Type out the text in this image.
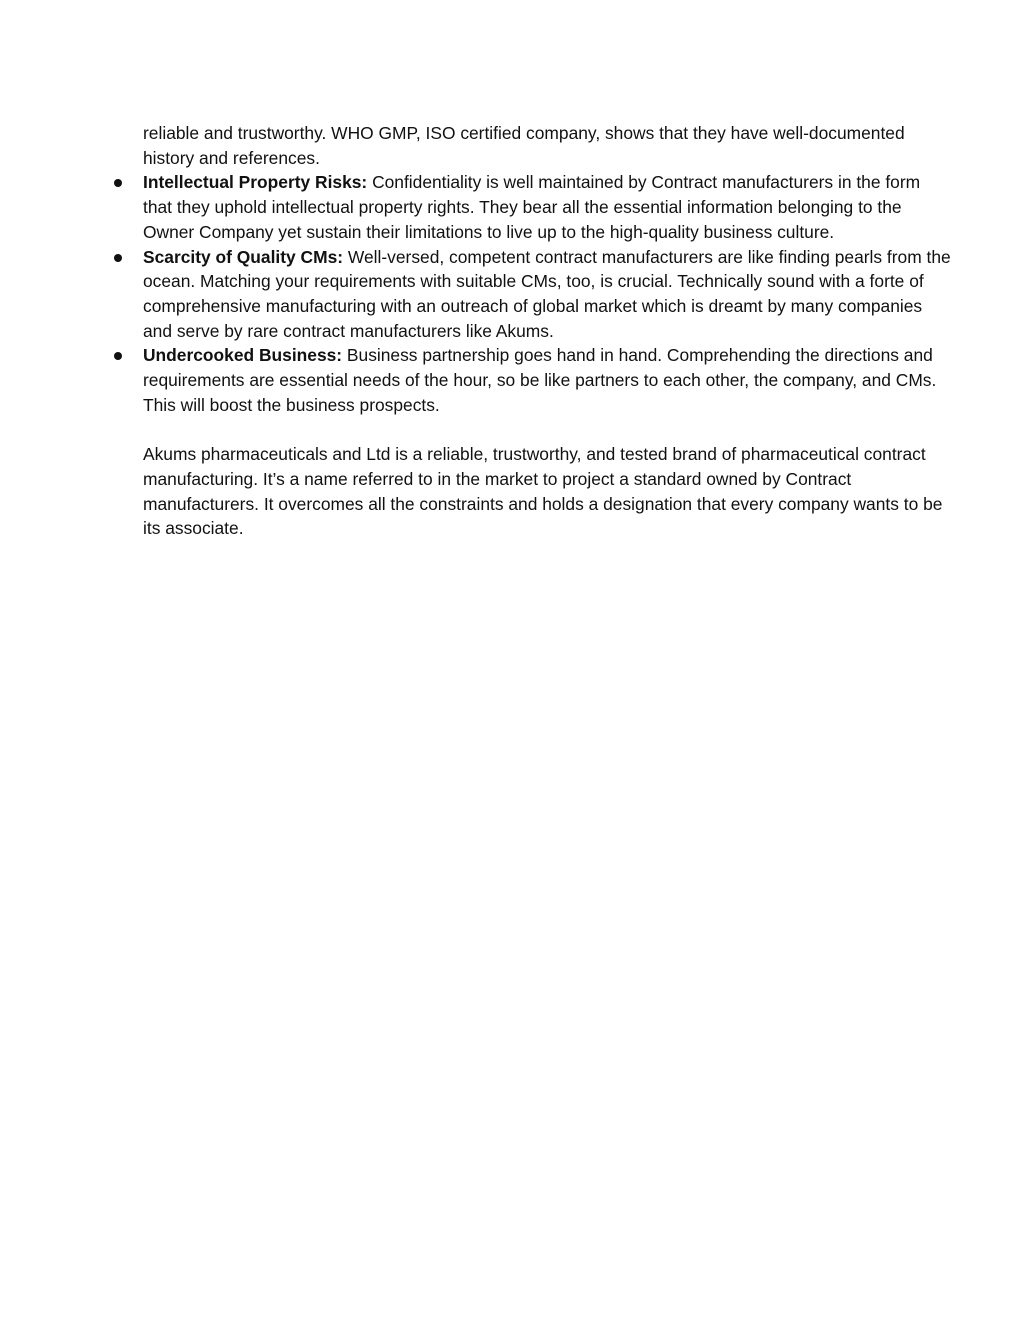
reliable and trustworthy. WHO GMP, ISO certified company, shows that they have well-documented history and references.

Intellectual Property Risks: Confidentiality is well maintained by Contract manufacturers in the form that they uphold intellectual property rights. They bear all the essential information belonging to the Owner Company yet sustain their limitations to live up to the high-quality business culture.
Scarcity of Quality CMs: Well-versed, competent contract manufacturers are like finding pearls from the ocean. Matching your requirements with suitable CMs, too, is crucial. Technically sound with a forte of comprehensive manufacturing with an outreach of global market which is dreamt by many companies and serve by rare contract manufacturers like Akums.
Undercooked Business: Business partnership goes hand in hand. Comprehending the directions and requirements are essential needs of the hour, so be like partners to each other, the company, and CMs. This will boost the business prospects.

Akums pharmaceuticals and Ltd is a reliable, trustworthy, and tested brand of pharmaceutical contract manufacturing. It’s a name referred to in the market to project a standard owned by Contract manufacturers. It overcomes all the constraints and holds a designation that every company wants to be its associate.
